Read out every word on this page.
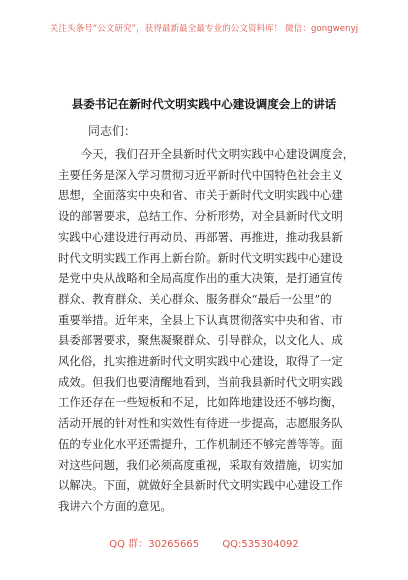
关注头条号“公文研究”，获得最新最全最专业的公文资料库！ 微信：gongwenyj
县委书记在新时代文明实践中心建设调度会上的讲话
同志们：

　　今天，我们召开全县新时代文明实践中心建设调度会，
主要任务是深入学习贯彻习近平新时代中国特色社会主义
思想，全面落实中央和省、市关于新时代文明实践中心建
设的部署要求，总结工作、分析形势，对全县新时代文明
实践中心建设进行再动员、再部署、再推进，推动我县新
时代文明实践工作再上新台阶。新时代文明实践中心建设
是党中央从战略和全局高度作出的重大决策，是打通宣传
群众、教育群众、关心群众、服务群众“最后一公里”的
重要举措。近年来，全县上下认真贯彻落实中央和省、市
县委部署要求，聚焦凝聚群众、引导群众，以文化人、成
风化俗，扎实推进新时代文明实践中心建设，取得了一定
成效。但我们也要清醒地看到，当前我县新时代文明实践
工作还存在一些短板和不足，比如阵地建设还不够均衡，
活动开展的针对性和实效性有待进一步提高，志愿服务队
伍的专业化水平还需提升，工作机制还不够完善等等。面
对这些问题，我们必须高度重视，采取有效措施，切实加
以解决。下面，就做好全县新时代文明实践中心建设工作
我讲六个方面的意见。

QQ 群：30265665 QQ:535304092
